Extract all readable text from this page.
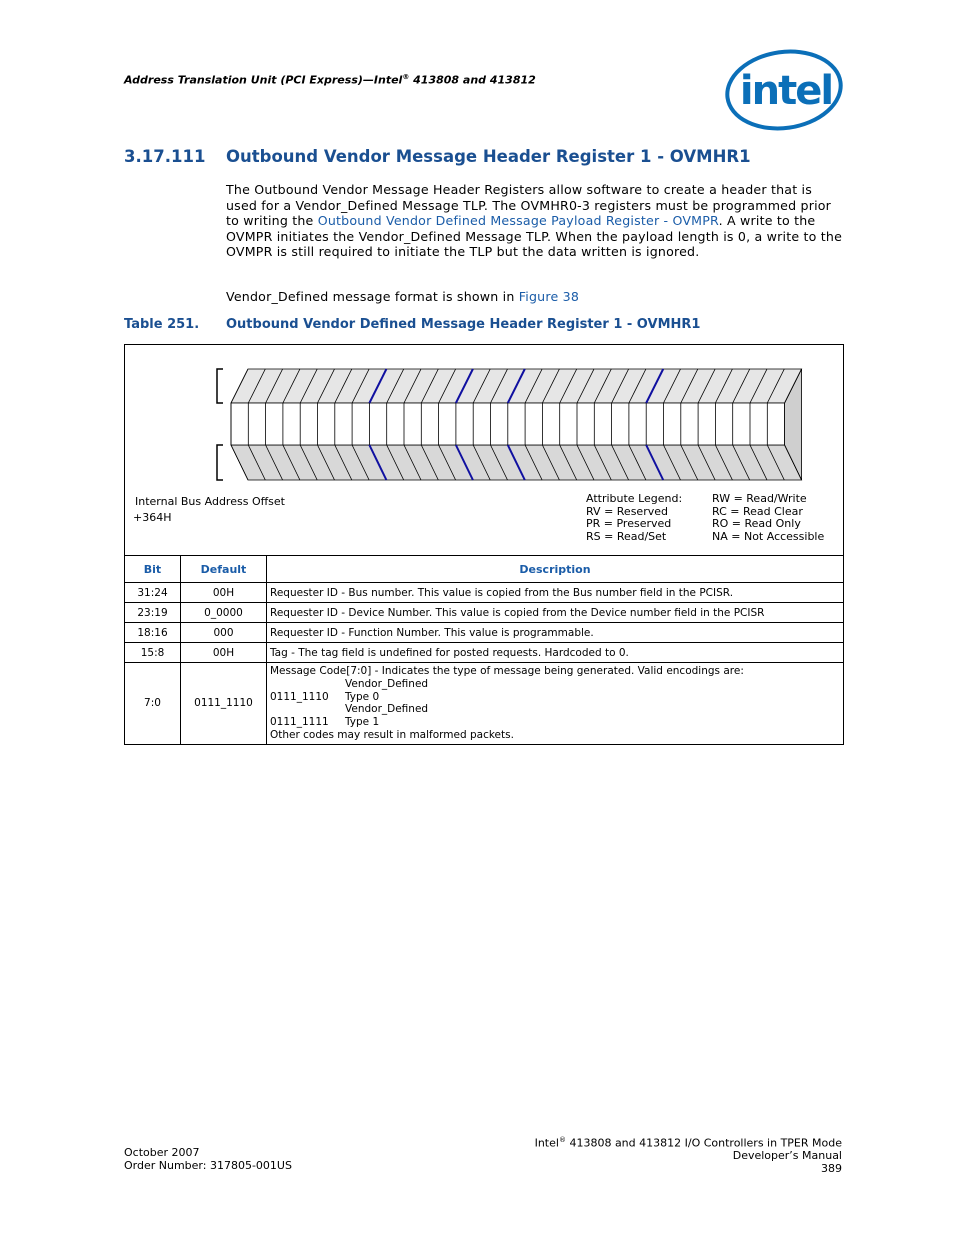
Address Translation Unit (PCI Express)—Intel® 413808 and 413812	intel
3.17.111 Outbound Vendor Message Header Register 1 - OVMHR1
The Outbound Vendor Message Header Registers allow software to create a header that is used for a Vendor_Defined Message TLP. The OVMHR0-3 registers must be programmed prior to writing the Outbound Vendor Defined Message Payload Register - OVMPR. A write to the OVMPR initiates the Vendor_Defined Message TLP. When the payload length is 0, a write to the OVMPR is still required to initiate the TLP but the data written is ignored.
Vendor_Defined message format is shown in Figure 38
Table 251. Outbound Vendor Defined Message Header Register 1 - OVMHR1
Internal Bus Address Offset
+364H
Attribute Legend:	RW = Read/Write
RV = Reserved	RC = Read Clear
PR = Preserved	RO = Read Only
RS = Read/Set	NA = Not Accessible
Bit	Default	Description
31:24	00H	Requester ID - Bus number. This value is copied from the Bus number field in the PCISR.
23:19	0_0000	Requester ID - Device Number. This value is copied from the Device number field in the PCISR
18:16	000	Requester ID - Function Number. This value is programmable.
15:8	00H	Tag - The tag field is undefined for posted requests. Hardcoded to 0.
7:0	0111_1110	Message Code[7:0] - Indicates the type of message being generated. Valid encodings are:
0111_1110Vendor_Defined Type 0
0111_1111Vendor_Defined Type 1
Other codes may result in malformed packets.
October 2007
Order Number: 317805-001US
Intel® 413808 and 413812 I/O Controllers in TPER Mode
Developer’s Manual
389
